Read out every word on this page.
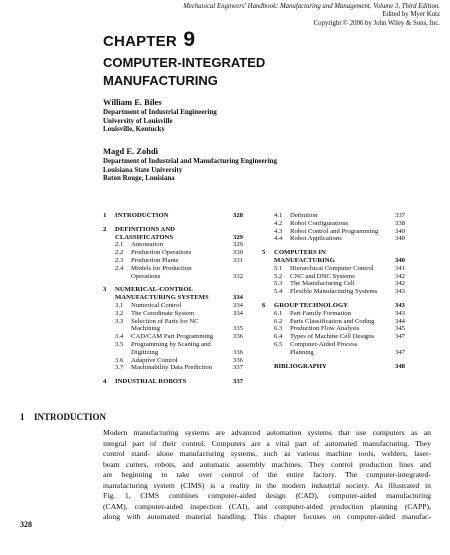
Mechanical Engineers' Handbook: Manufacturing and Management, Volume 3, Third Edition.
Edited by Myer Kutz
Copyright © 2006 by John Wiley & Sons, Inc.
CHAPTER 9
COMPUTER-INTEGRATED
MANUFACTURING
William E. Biles
Department of Industrial Engineering
University of Louisville
Louisville, Kentucky
Magd E. Zohdi
Department of Industrial and Manufacturing Engineering
Louisiana State University
Baton Rouge, Louisiana
1 INTRODUCTION	328
2 DEFINITIONS AND
CLASSIFICATONS	329
2.1 Automation	329
2.2 Production Operations	330
2.3 Production Plants	331
2.4 Models for Production
Operations	332
3 NUMERICAL-CONTROL
MANUFACTURING SYSTEMS	334
3.1 Numerical Control	334
3.2 The Coordinate System	334
3.3 Selection of Parts for NC
Machining	335
3.4 CAD/CAM Part Programming	336
3.5 Programming by Scaning and
Digitizing	336
3.6 Adaptive Control	336
3.7 Machinability Data Prediction	337
4 INDUSTRIAL ROBOTS	337
4.1 Definition	337
4.2 Robot Configurations	338
4.3 Robot Control and Programming 340
4.4 Robot Applications	340
5 COMPUTERS IN
MANUFACTURING	340
5.1 Hierarchical Computer Control	341
5.2 CNC and DNC Systems	342
5.3 The Manufacturing Cell	342
5.4 Flexible Manufacturing Systems	343
6 GROUP TECHNOLOGY	343
6.1 Part Family Formation	343
6.2 Parts Classification and Coding	344
6.3 Production Flow Analysis	345
6.4 Types of Machine Cell Designs	347
6.5 Computer-Aided Process
Planning	347
BIBLIOGRAPHY	348
1 INTRODUCTION
Modern manufacturing systems are advanced automation systems that use computers as an
integral part of their control. Computers are a vital part of automated manufacturing. They
control stand- alone manufacturing systems, such as various machine tools, welders, laser-
beam cutters, robots, and automatic assembly machines. They control production lines and
are beginning to take over control of the entire factory. The computer-integrated-
manufacturing system (CIMS) is a reality in the modern industrial society. As illustrated in
Fig. 1, CIMS combines computer-aided design (CAD), computer-aided manufacturing
(CAM), computer-aided inspection (CAI), and computer-aided production planning (CAPP),
along with automated material handling. This chapter focuses on computer-aided manufac-
328
